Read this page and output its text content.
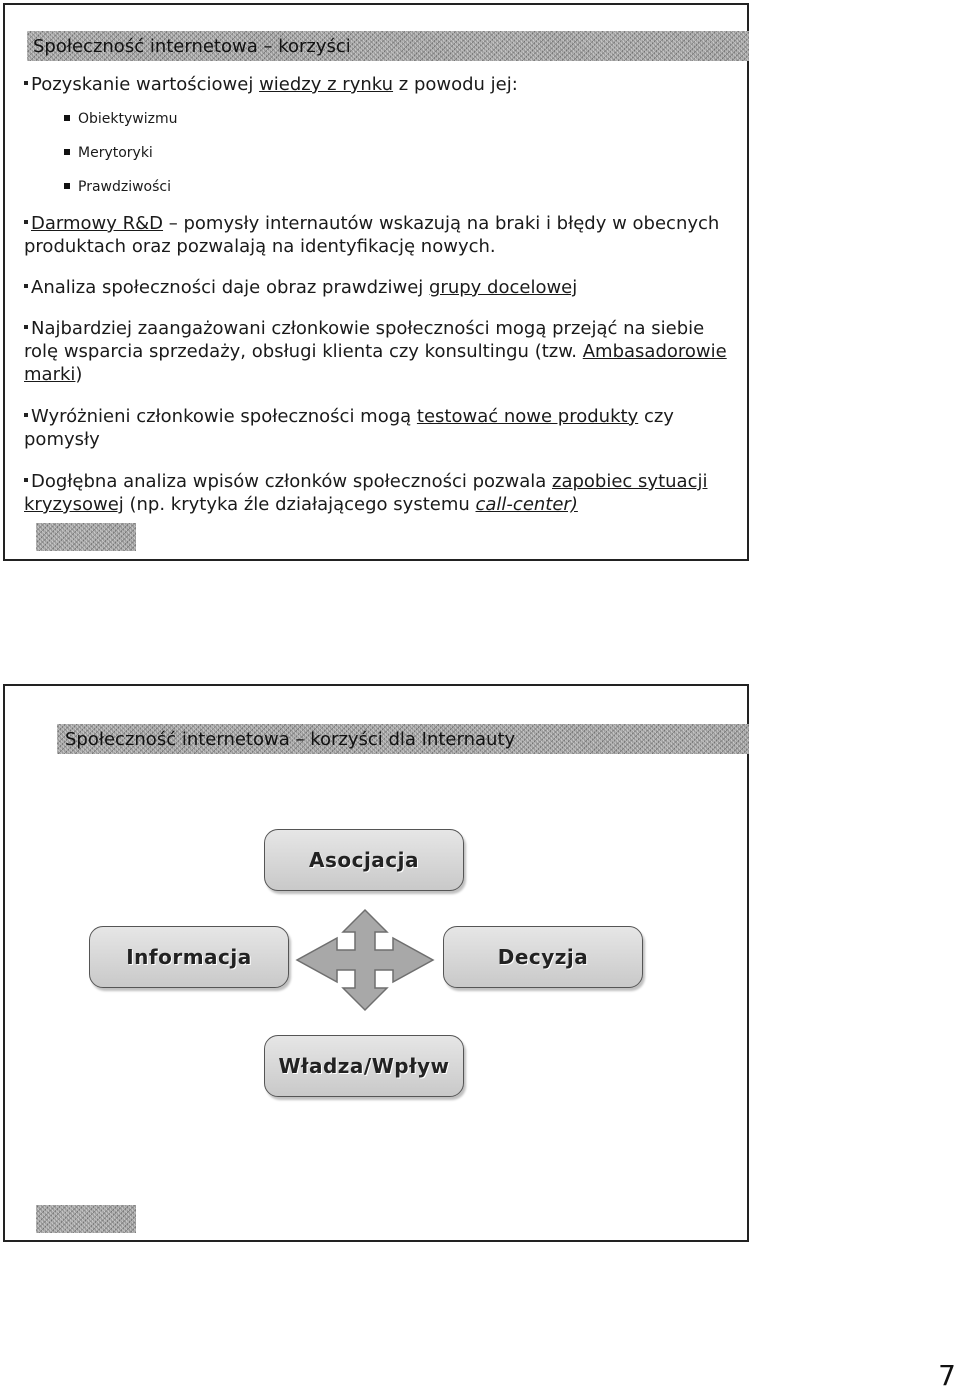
Społeczność internetowa – korzyści

Pozyskanie wartościowej wiedzy z rynku z powodu jej:

Obiektywizmu

Merytoryki

Prawdziwości

Darmowy R&D – pomysły internautów wskazują na braki i błędy w obecnych produktach oraz pozwalają na identyfikację nowych.

Analiza społeczności daje obraz prawdziwej grupy docelowej

Najbardziej zaangażowani członkowie społeczności mogą przejąć na siebie rolę wsparcia sprzedaży, obsługi klienta czy konsultingu (tzw. Ambasadorowie marki)

Wyróżnieni członkowie społeczności mogą testować nowe produkty czy pomysły

Dogłębna analiza wpisów członków społeczności pozwala zapobiec sytuacji kryzysowej (np. krytyka źle działającego systemu call-center)

Społeczność internetowa – korzyści dla Internauty
Asocjacja
Informacja	Decyzja
Władza/Wpływ
7
